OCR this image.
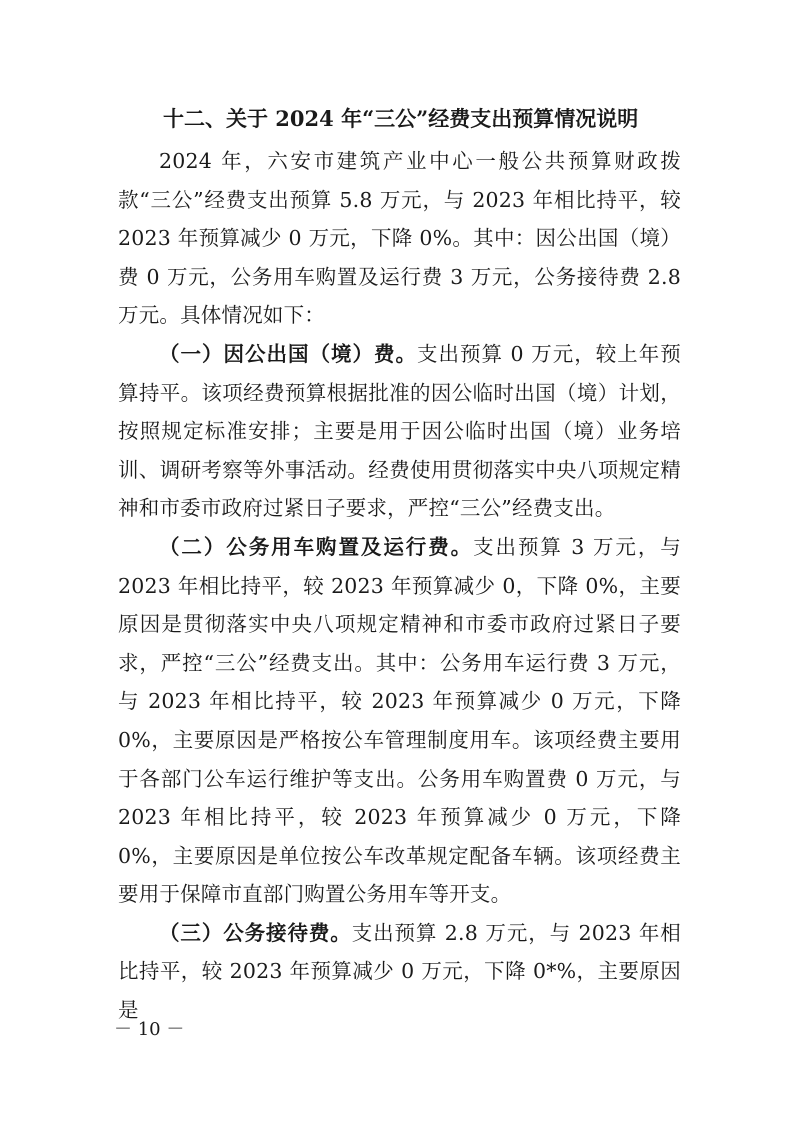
十二、关于 2024 年“三公”经费支出预算情况说明

2024 年，六安市建筑产业中心一般公共预算财政拨款“三公”经费支出预算 5.8 万元，与 2023 年相比持平，较 2023 年预算减少 0 万元，下降 0%。其中：因公出国（境）费 0 万元，公务用车购置及运行费 3 万元，公务接待费 2.8 万元。具体情况如下：

（一）因公出国（境）费。支出预算 0 万元，较上年预算持平。该项经费预算根据批准的因公临时出国（境）计划，按照规定标准安排；主要是用于因公临时出国（境）业务培训、调研考察等外事活动。经费使用贯彻落实中央八项规定精神和市委市政府过紧日子要求，严控“三公”经费支出。

（二）公务用车购置及运行费。支出预算 3 万元，与 2023 年相比持平，较 2023 年预算减少 0，下降 0%，主要原因是贯彻落实中央八项规定精神和市委市政府过紧日子要求，严控“三公”经费支出。其中：公务用车运行费 3 万元，与 2023 年相比持平，较 2023 年预算减少 0 万元，下降 0%，主要原因是严格按公车管理制度用车。该项经费主要用于各部门公车运行维护等支出。公务用车购置费 0 万元，与 2023 年相比持平，较 2023 年预算减少 0 万元，下降 0%，主要原因是单位按公车改革规定配备车辆。该项经费主要用于保障市直部门购置公务用车等开支。

（三）公务接待费。支出预算 2.8 万元，与 2023 年相比持平，较 2023 年预算减少 0 万元，下降 0*%，主要原因是

－ 10 －
